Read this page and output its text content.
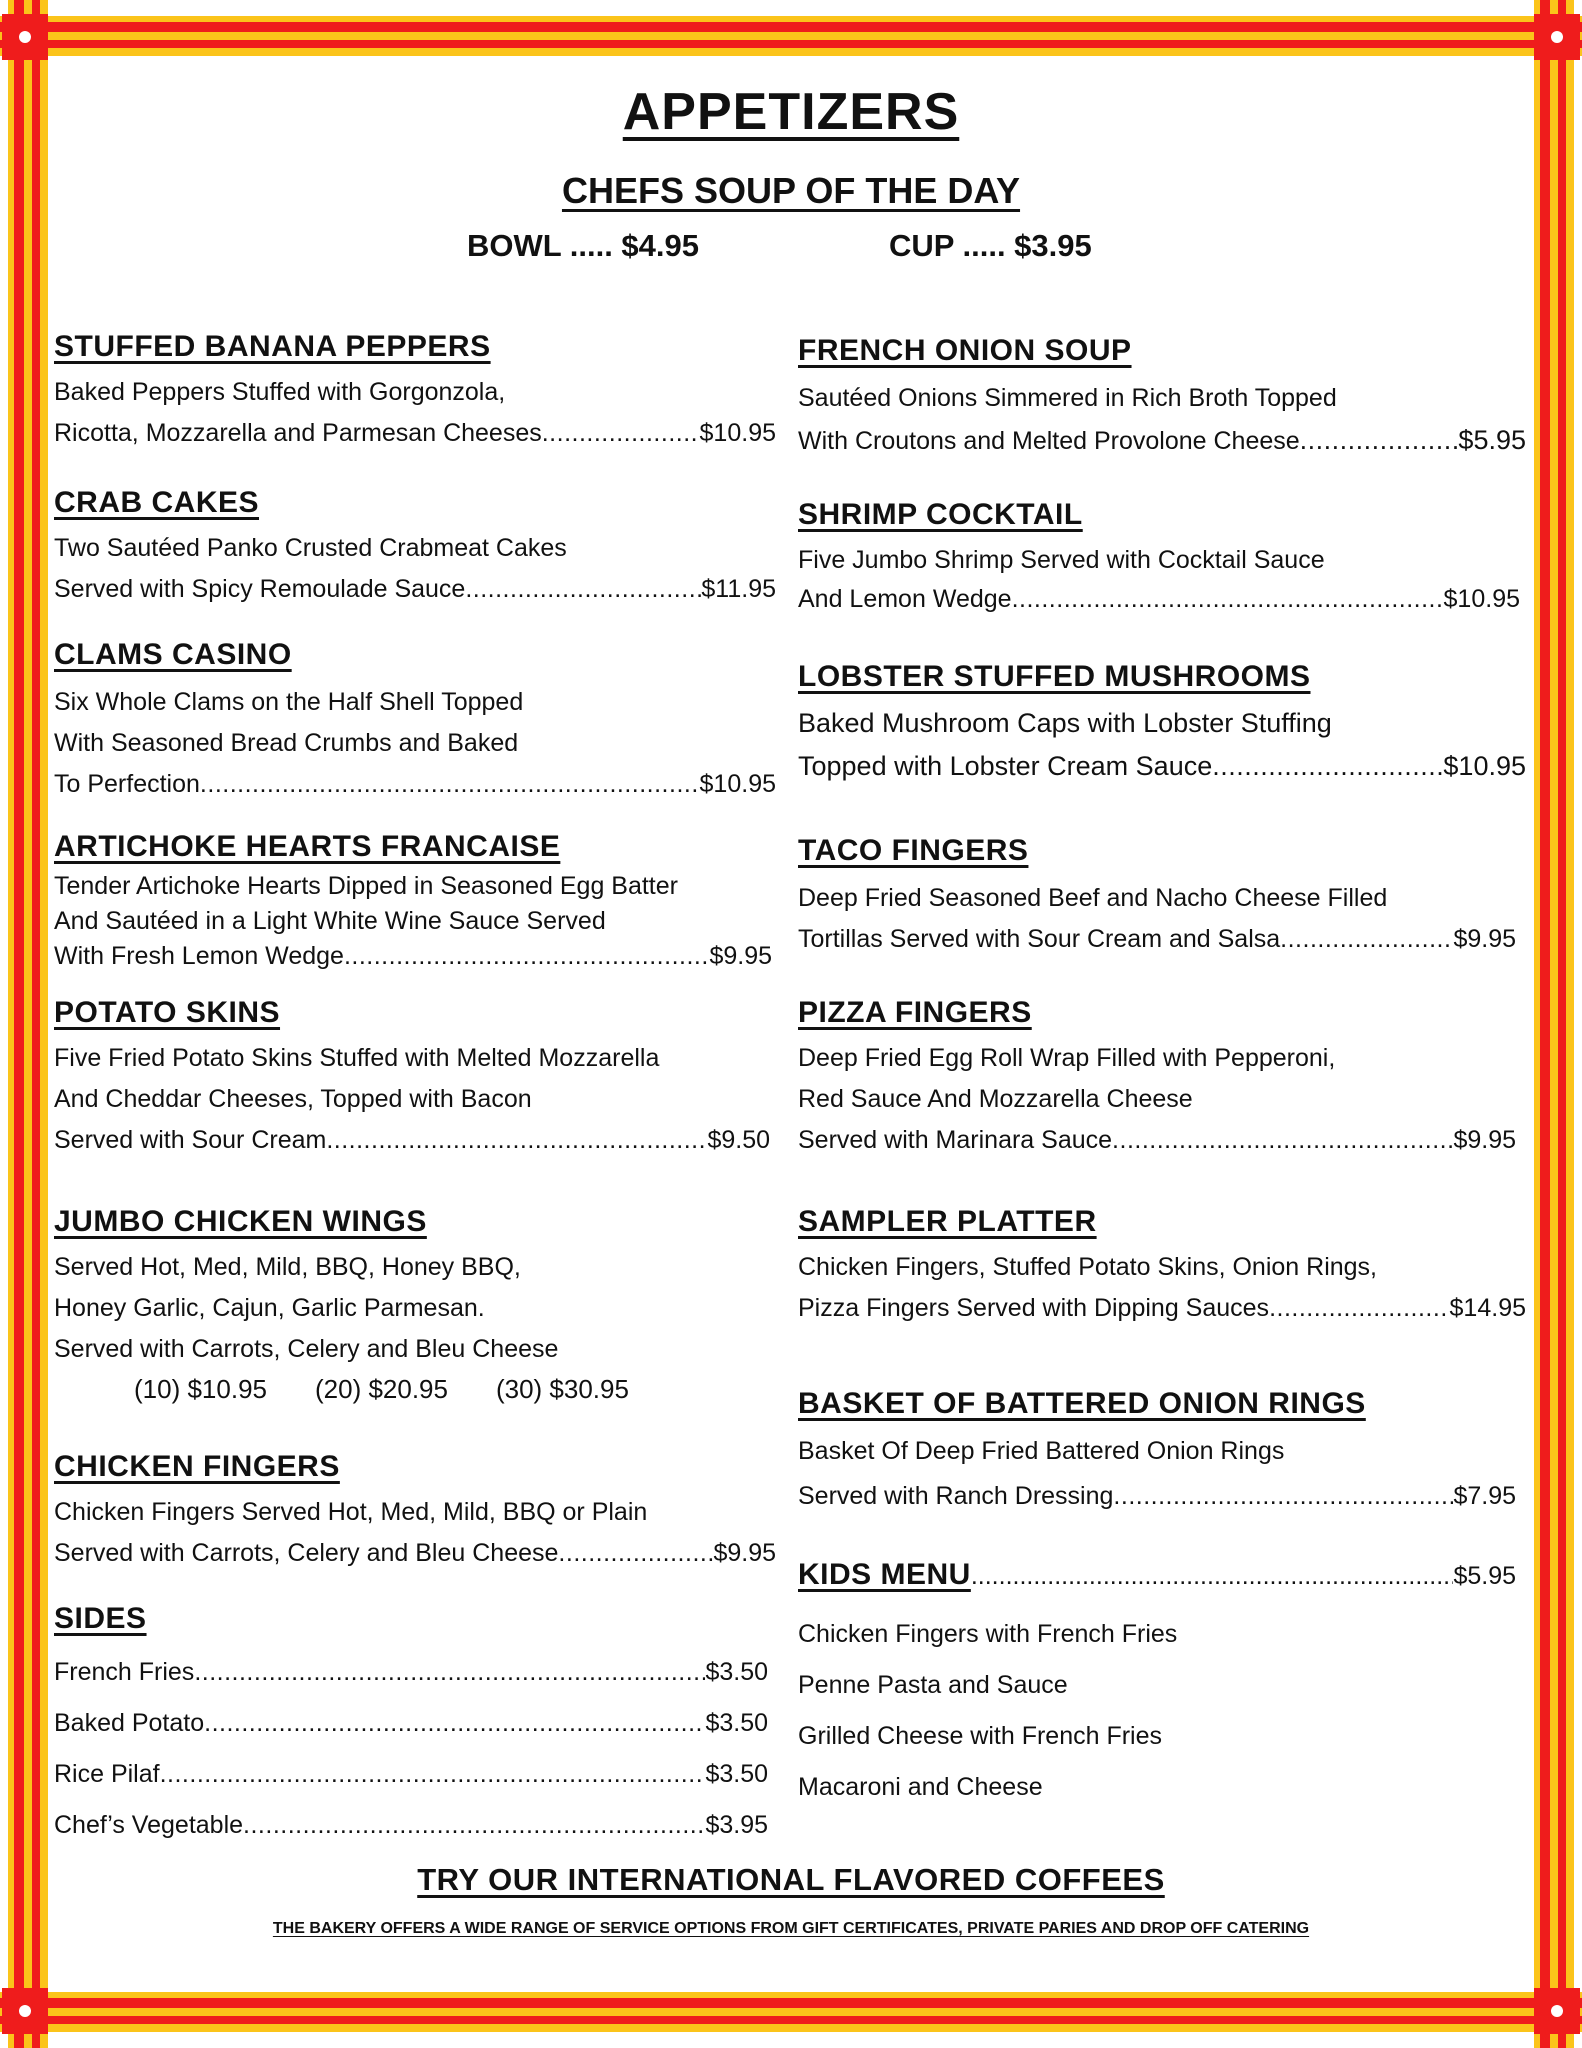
APPETIZERS
CHEFS SOUP OF THE DAY
BOWL ..... $4.95	CUP ..... $3.95
STUFFED BANANA PEPPERS
Baked Peppers Stuffed with Gorgonzola,
Ricotta, Mozzarella and Parmesan Cheeses .....	$10.95
CRAB CAKES
Two Sautéed Panko Crusted Crabmeat Cakes
Served with Spicy Remoulade Sauce .....	$11.95
CLAMS CASINO
Six Whole Clams on the Half Shell Topped
With Seasoned Bread Crumbs and Baked
To Perfection .....	$10.95
ARTICHOKE HEARTS FRANCAISE
Tender Artichoke Hearts Dipped in Seasoned Egg Batter
And Sautéed in a Light White Wine Sauce Served
With Fresh Lemon Wedge .....	$9.95
POTATO SKINS
Five Fried Potato Skins Stuffed with Melted Mozzarella
And Cheddar Cheeses, Topped with Bacon
Served with Sour Cream .....	$9.50
JUMBO CHICKEN WINGS
Served Hot, Med, Mild, BBQ, Honey BBQ,
Honey Garlic, Cajun, Garlic Parmesan.
Served with Carrots, Celery and Bleu Cheese
(10) $10.95 (20) $20.95 (30) $30.95
CHICKEN FINGERS
Chicken Fingers Served Hot, Med, Mild, BBQ or Plain
Served with Carrots, Celery and Bleu Cheese .....	$9.95
SIDES
French Fries .....	$3.50
Baked Potato .....	$3.50
Rice Pilaf .....	$3.50
Chef’s Vegetable .....	$3.95
FRENCH ONION SOUP
Sautéed Onions Simmered in Rich Broth Topped
With Croutons and Melted Provolone Cheese .....	$5.95
SHRIMP COCKTAIL
Five Jumbo Shrimp Served with Cocktail Sauce
And Lemon Wedge .....	$10.95
LOBSTER STUFFED MUSHROOMS
Baked Mushroom Caps with Lobster Stuffing
Topped with Lobster Cream Sauce .....	$10.95
TACO FINGERS
Deep Fried Seasoned Beef and Nacho Cheese Filled
Tortillas Served with Sour Cream and Salsa .....	$9.95
PIZZA FINGERS
Deep Fried Egg Roll Wrap Filled with Pepperoni,
Red Sauce And Mozzarella Cheese
Served with Marinara Sauce .....	$9.95
SAMPLER PLATTER
Chicken Fingers, Stuffed Potato Skins, Onion Rings,
Pizza Fingers Served with Dipping Sauces .....	$14.95
BASKET OF BATTERED ONION RINGS
Basket Of Deep Fried Battered Onion Rings
Served with Ranch Dressing .....	$7.95
KIDS MENU .....	$5.95
Chicken Fingers with French Fries
Penne Pasta and Sauce
Grilled Cheese with French Fries
Macaroni and Cheese
TRY OUR INTERNATIONAL FLAVORED COFFEES
THE BAKERY OFFERS A WIDE RANGE OF SERVICE OPTIONS FROM GIFT CERTIFICATES, PRIVATE PARIES AND DROP OFF CATERING
